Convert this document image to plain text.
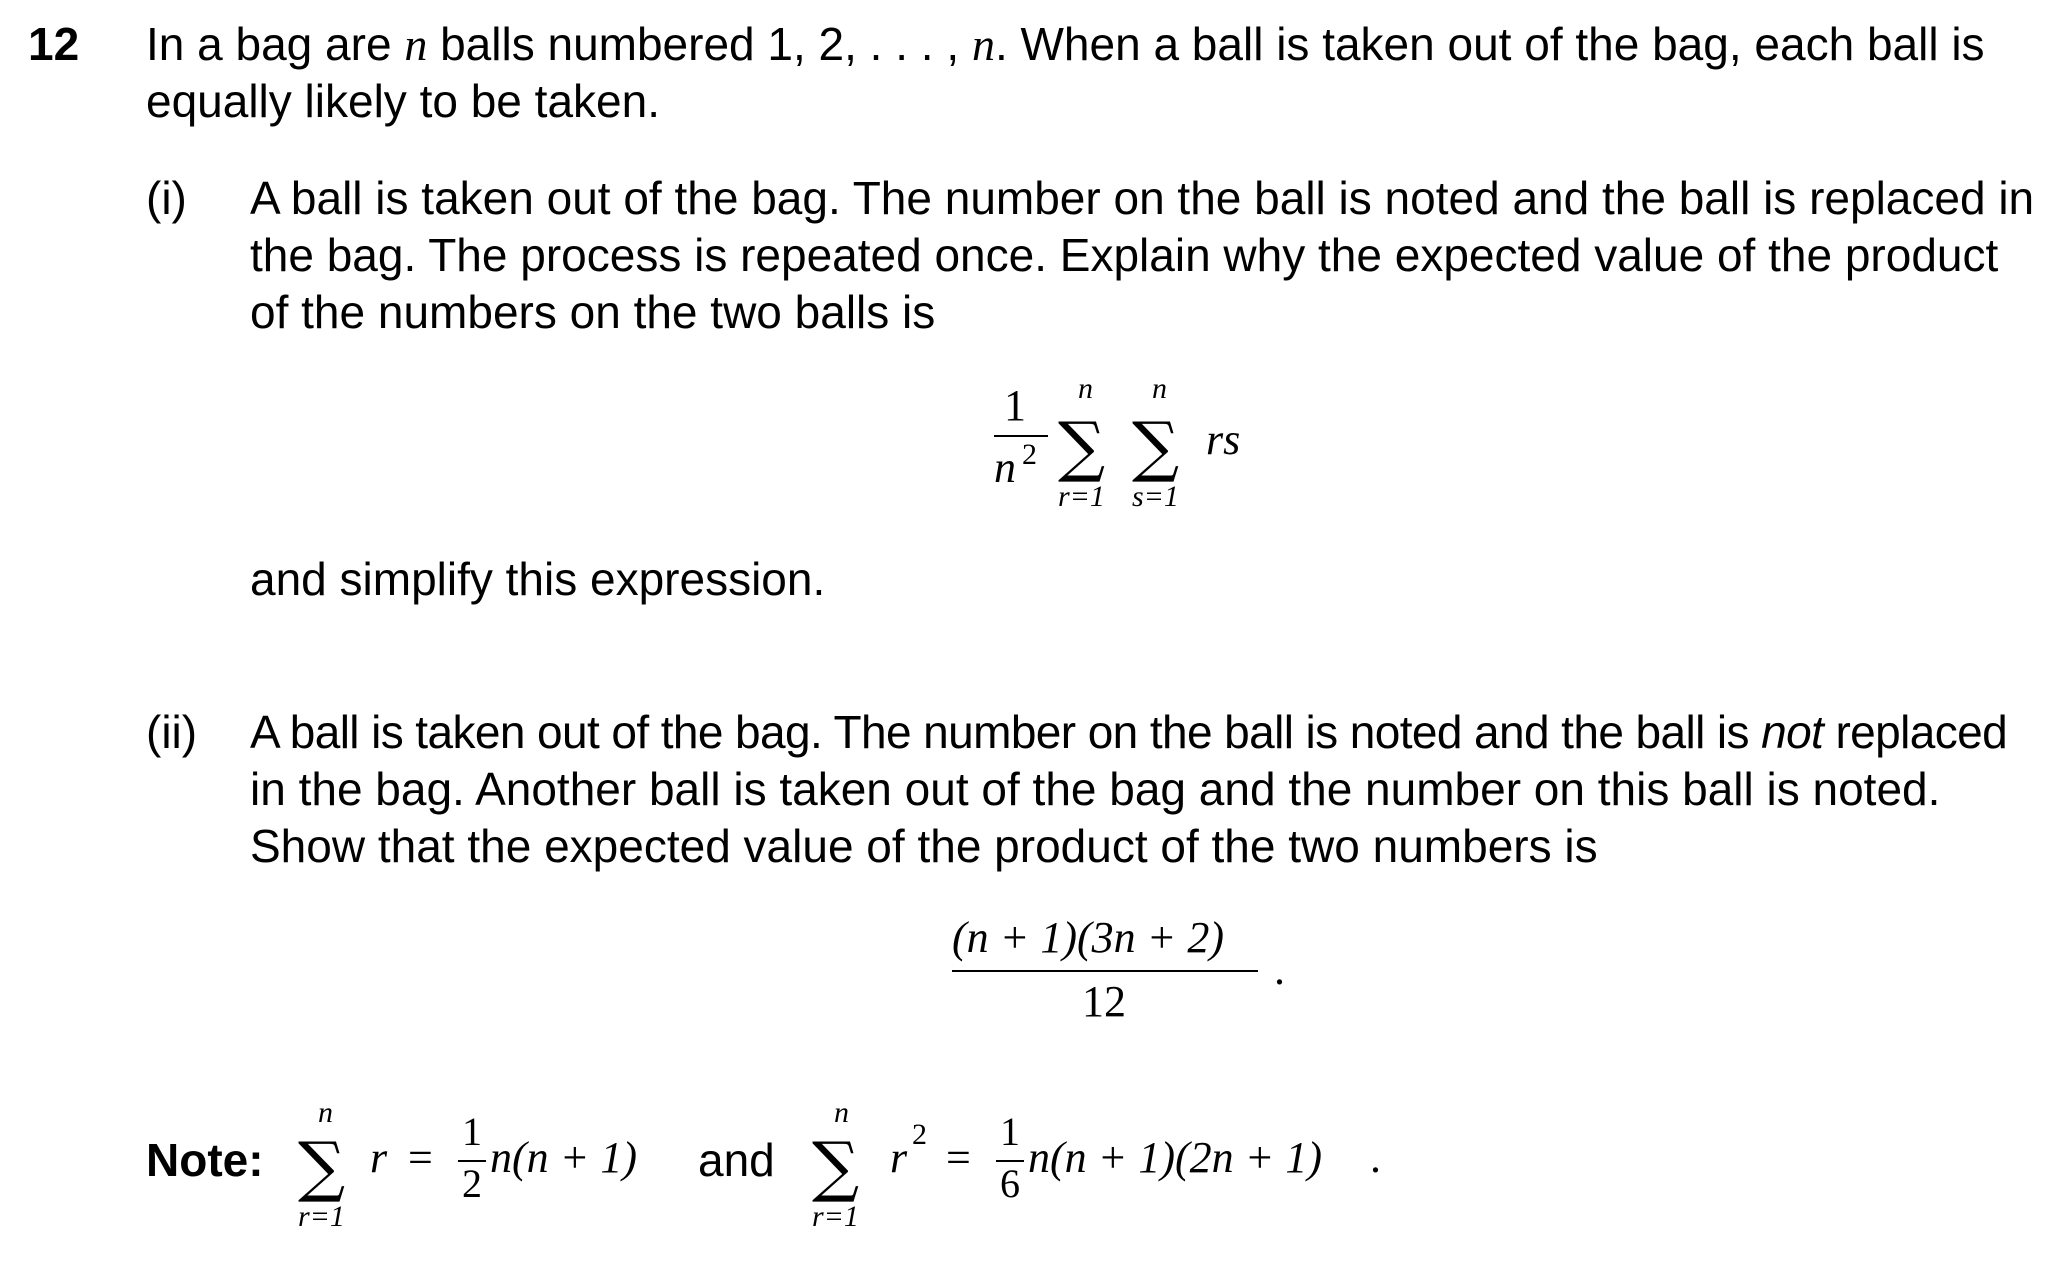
12 In a bag are n balls numbered 1, 2, . . . , n. When a ball is taken out of the bag, each ball is
equally likely to be taken.
(i) A ball is taken out of the bag. The number on the ball is noted and the ball is replaced in
the bag. The process is repeated once. Explain why the expected value of the product
of the numbers on the two balls is
1
n 2
n
∑
r=1
n
∑
s=1
rs
and simplify this expression.
(ii) A ball is taken out of the bag. The number on the ball is noted and the ball is not replaced
in the bag. Another ball is taken out of the bag and the number on this ball is noted.
Show that the expected value of the product of the two numbers is
(n + 1)(3n + 2)
12
.
Note:
n
∑
r=1
r =
1
2
n(n + 1) and
n
∑
r=1
r 2 =
1
6
n(n + 1)(2n + 1) .
